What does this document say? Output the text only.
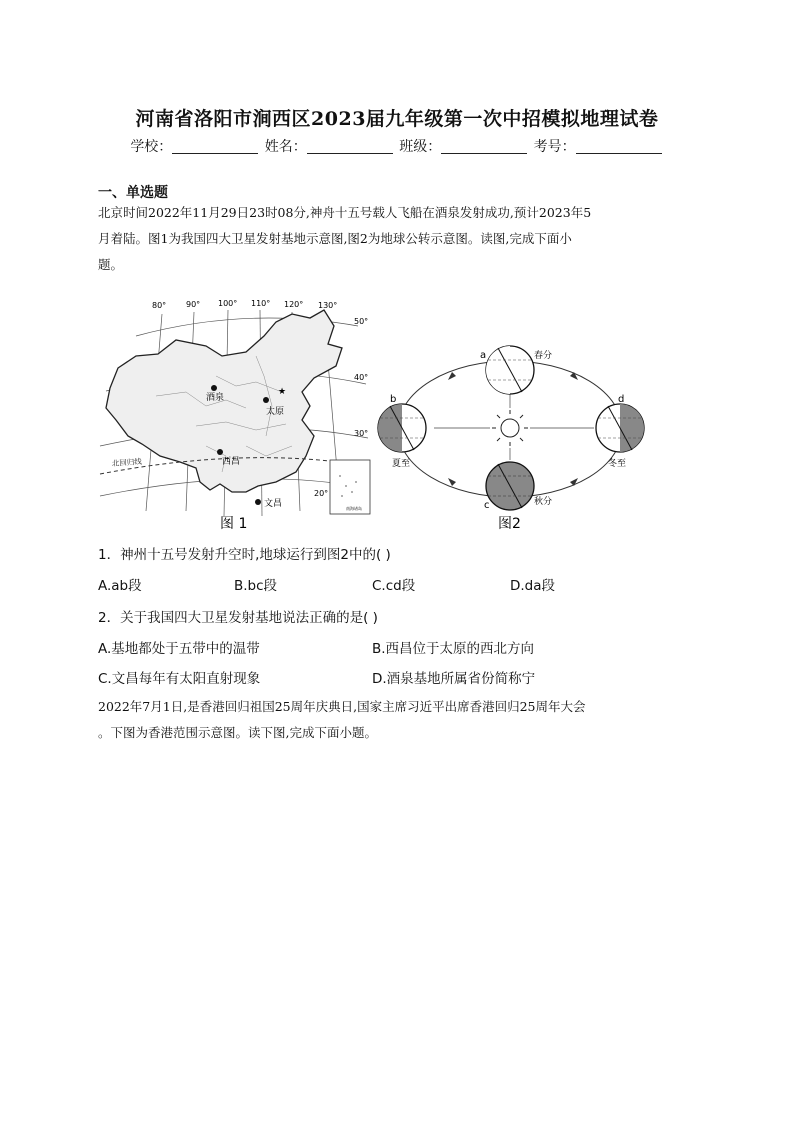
河南省洛阳市涧西区2023届九年级第一次中招模拟地理试卷
学校：	姓名：	班级：	考号：
一、单选题
北京时间2022年11月29日23时08分,神舟十五号载人飞船在酒泉发射成功,预计2023年5
月着陆。图1为我国四大卫星发射基地示意图,图2为地球公转示意图。读图,完成下面小
题。
北回归线
80° 90° 100° 110° 120° 130°
50°
40°
30°
20°
酒泉
太原
西昌
文昌
★
南海诸岛
图 1
a	春分
b
夏至
c	秋分
d
冬至
图2
1．神州十五号发射升空时,地球运行到图2中的( )
A.ab段	B.bc段	C.cd段	D.da段
2．关于我国四大卫星发射基地说法正确的是( )
A.基地都处于五带中的温带	B.西昌位于太原的西北方向
C.文昌每年有太阳直射现象	D.酒泉基地所属省份简称宁
2022年7月1日,是香港回归祖国25周年庆典日,国家主席习近平出席香港回归25周年大会
。下图为香港范围示意图。读下图,完成下面小题。
